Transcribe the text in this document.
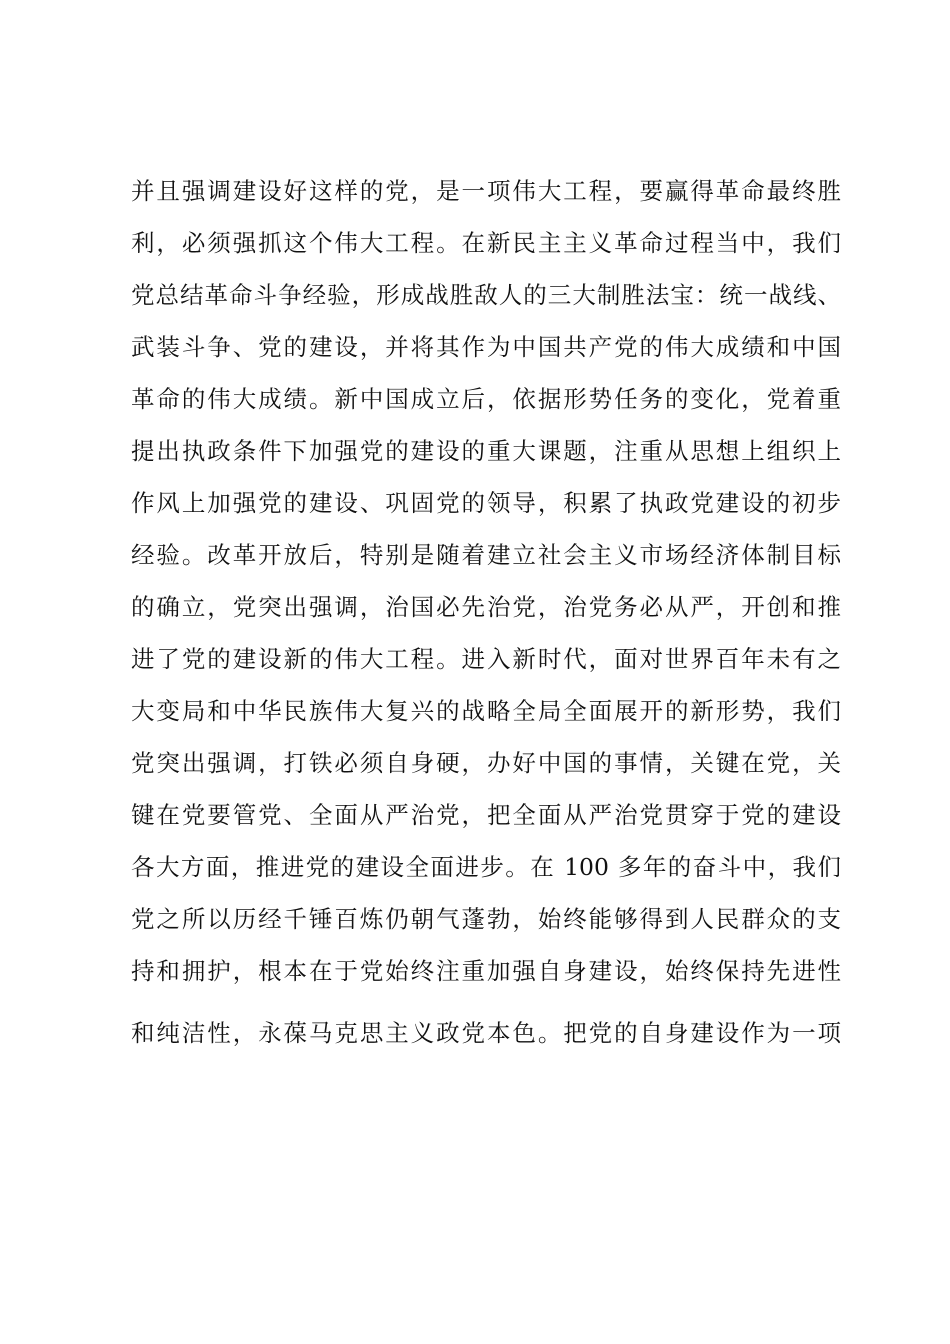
并且强调建设好这样的党，是一项伟大工程，要赢得革命最终胜
利，必须强抓这个伟大工程。在新民主主义革命过程当中，我们
党总结革命斗争经验，形成战胜敌人的三大制胜法宝：统一战线、
武装斗争、党的建设，并将其作为中国共产党的伟大成绩和中国
革命的伟大成绩。新中国成立后，依据形势任务的变化，党着重
提出执政条件下加强党的建设的重大课题，注重从思想上组织上
作风上加强党的建设、巩固党的领导，积累了执政党建设的初步
经验。改革开放后，特别是随着建立社会主义市场经济体制目标
的确立，党突出强调，治国必先治党，治党务必从严，开创和推
进了党的建设新的伟大工程。进入新时代，面对世界百年未有之
大变局和中华民族伟大复兴的战略全局全面展开的新形势，我们
党突出强调，打铁必须自身硬，办好中国的事情，关键在党，关
键在党要管党、全面从严治党，把全面从严治党贯穿于党的建设
各大方面，推进党的建设全面进步。在 100 多年的奋斗中，我们
党之所以历经千锤百炼仍朝气蓬勃，始终能够得到人民群众的支
持和拥护，根本在于党始终注重加强自身建设，始终保持先进性
和纯洁性，永葆马克思主义政党本色。把党的自身建设作为一项
